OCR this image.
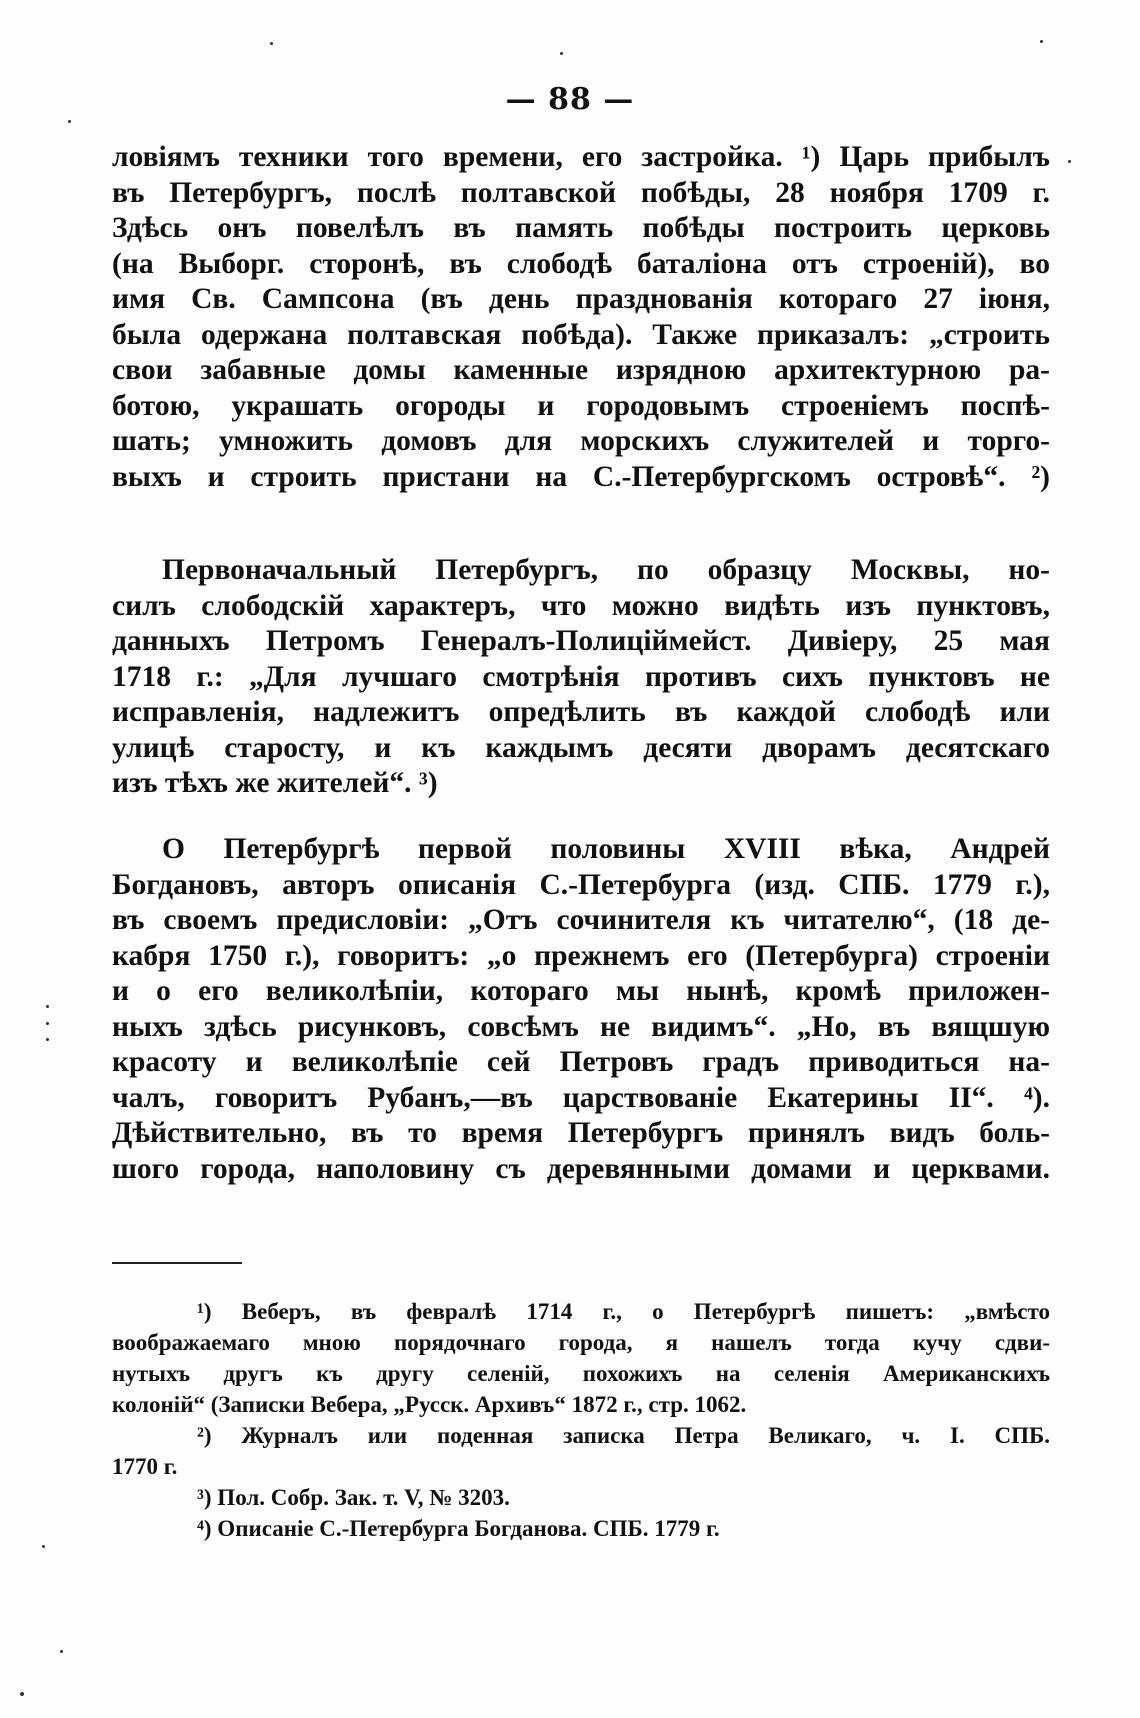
— 88 —
ловіямъ техники того времени, его застройка. ¹) Царь прибылъ
въ Петербургъ, послѣ полтавской побѣды, 28 ноября 1709 г.
Здѣсь онъ повелѣлъ въ память побѣды построить церковь
(на Выборг. сторонѣ, въ слободѣ баталіона отъ строеній), во
имя Св. Сампсона (въ день празднованія котораго 27 іюня,
была одержана полтавская побѣда). Также приказалъ: „строить
свои забавные домы каменные изрядною архитектурною ра-
ботою, украшать огороды и городовымъ строеніемъ поспѣ-
шать; умножить домовъ для морскихъ служителей и торго-
выхъ и строить пристани на С.-Петербургскомъ островѣ“. ²)
Первоначальный Петербургъ, по образцу Москвы, но-
силъ слободскій характеръ, что можно видѣть изъ пунктовъ,
данныхъ Петромъ Генералъ-Полиціймейст. Дивіеру, 25 мая
1718 г.: „Для лучшаго смотрѣнія противъ сихъ пунктовъ не
исправленія, надлежитъ опредѣлить въ каждой слободѣ или
улицѣ старосту, и къ каждымъ десяти дворамъ десятскаго
изъ тѣхъ же жителей“. ³)
О Петербургѣ первой половины XVIII вѣка, Андрей
Богдановъ, авторъ описанія С.-Петербурга (изд. СПБ. 1779 г.),
въ своемъ предисловіи: „Отъ сочинителя къ читателю“, (18 де-
кабря 1750 г.), говоритъ: „о прежнемъ его (Петербурга) строеніи
и о его великолѣпіи, котораго мы нынѣ, кромѣ приложен-
ныхъ здѣсь рисунковъ, совсѣмъ не видимъ“. „Но, въ вящшую
красоту и великолѣпіе сей Петровъ градъ приводиться на-
чалъ, говоритъ Рубанъ,—въ царствованіе Екатерины II“. ⁴).
Дѣйствительно, въ то время Петербургъ принялъ видъ боль-
шого города, наполовину съ деревянными домами и церквами.
¹) Веберъ, въ февралѣ 1714 г., о Петербургѣ пишетъ: „вмѣсто
воображаемаго мною порядочнаго города, я нашелъ тогда кучу сдви-
нутыхъ другъ къ другу селеній, похожихъ на селенія Американскихъ
колоній“ (Записки Вебера, „Русск. Архивъ“ 1872 г., стр. 1062.
²) Журналъ или поденная записка Петра Великаго, ч. I. СПБ.
1770 г.
³) Пол. Собр. Зак. т. V, № 3203.
⁴) Описаніе С.-Петербурга Богданова. СПБ. 1779 г.
